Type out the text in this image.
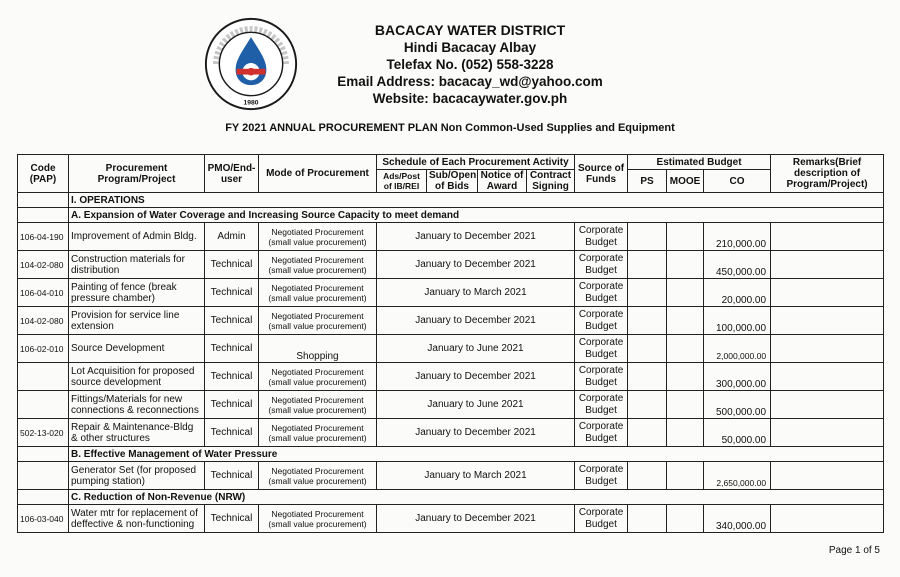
1980
BACACAY WATER DISTRICT
Hindi Bacacay Albay
Telefax No. (052) 558-3228
Email Address: bacacay_wd@yahoo.com
Website: bacacaywater.gov.ph
FY 2021 ANNUAL PROCUREMENT PLAN Non Common-Used Supplies and Equipment
Code (PAP)	Procurement Program/Project	PMO/End-user	Mode of Procurement	Schedule of Each Procurement Activity				Source of Funds	Estimated Budget			Remarks(Brief description of Program/Project)
				Ads/Post of IB/REI	Sub/Open of Bids	Notice of Award	Contract Signing					
									PS	MOOE	CO	
	I. OPERATIONS											
	A. Expansion of Water Coverage and Increasing Source Capacity to meet demand											
106-04-190	Improvement of Admin Bldg.	Admin	Negotiated Procurement (small value procurement)	January to December 2021				Corporate Budget			210,000.00	
104-02-080	Construction materials for distribution	Technical	Negotiated Procurement (small value procurement)	January to December 2021				Corporate Budget			450,000.00	
106-04-010	Painting of fence (break pressure chamber)	Technical	Negotiated Procurement (small value procurement)	January to March 2021				Corporate Budget			20,000.00	
104-02-080	Provision for service line extension	Technical	Negotiated Procurement (small value procurement)	January to December 2021				Corporate Budget			100,000.00	
106-02-010	Source Development	Technical	Shopping	January to June 2021				Corporate Budget			2,000,000.00	
	Lot Acquisition for proposed source development	Technical	Negotiated Procurement (small value procurement)	January to December 2021				Corporate Budget			300,000.00	
	Fittings/Materials for new connections & reconnections	Technical	Negotiated Procurement (small value procurement)	January to June 2021				Corporate Budget			500,000.00	
502-13-020	Repair & Maintenance-Bldg & other structures	Technical	Negotiated Procurement (small value procurement)	January to December 2021				Corporate Budget			50,000.00	
	B. Effective Management of Water Pressure											
	Generator Set (for proposed pumping station)	Technical	Negotiated Procurement (small value procurement)	January to March 2021				Corporate Budget			2,650,000.00	
	C. Reduction of Non-Revenue (NRW)											
106-03-040	Water mtr for replacement of deffective & non-functioning	Technical	Negotiated Procurement (small value procurement)	January to December 2021				Corporate Budget			340,000.00	
Page 1 of 5
